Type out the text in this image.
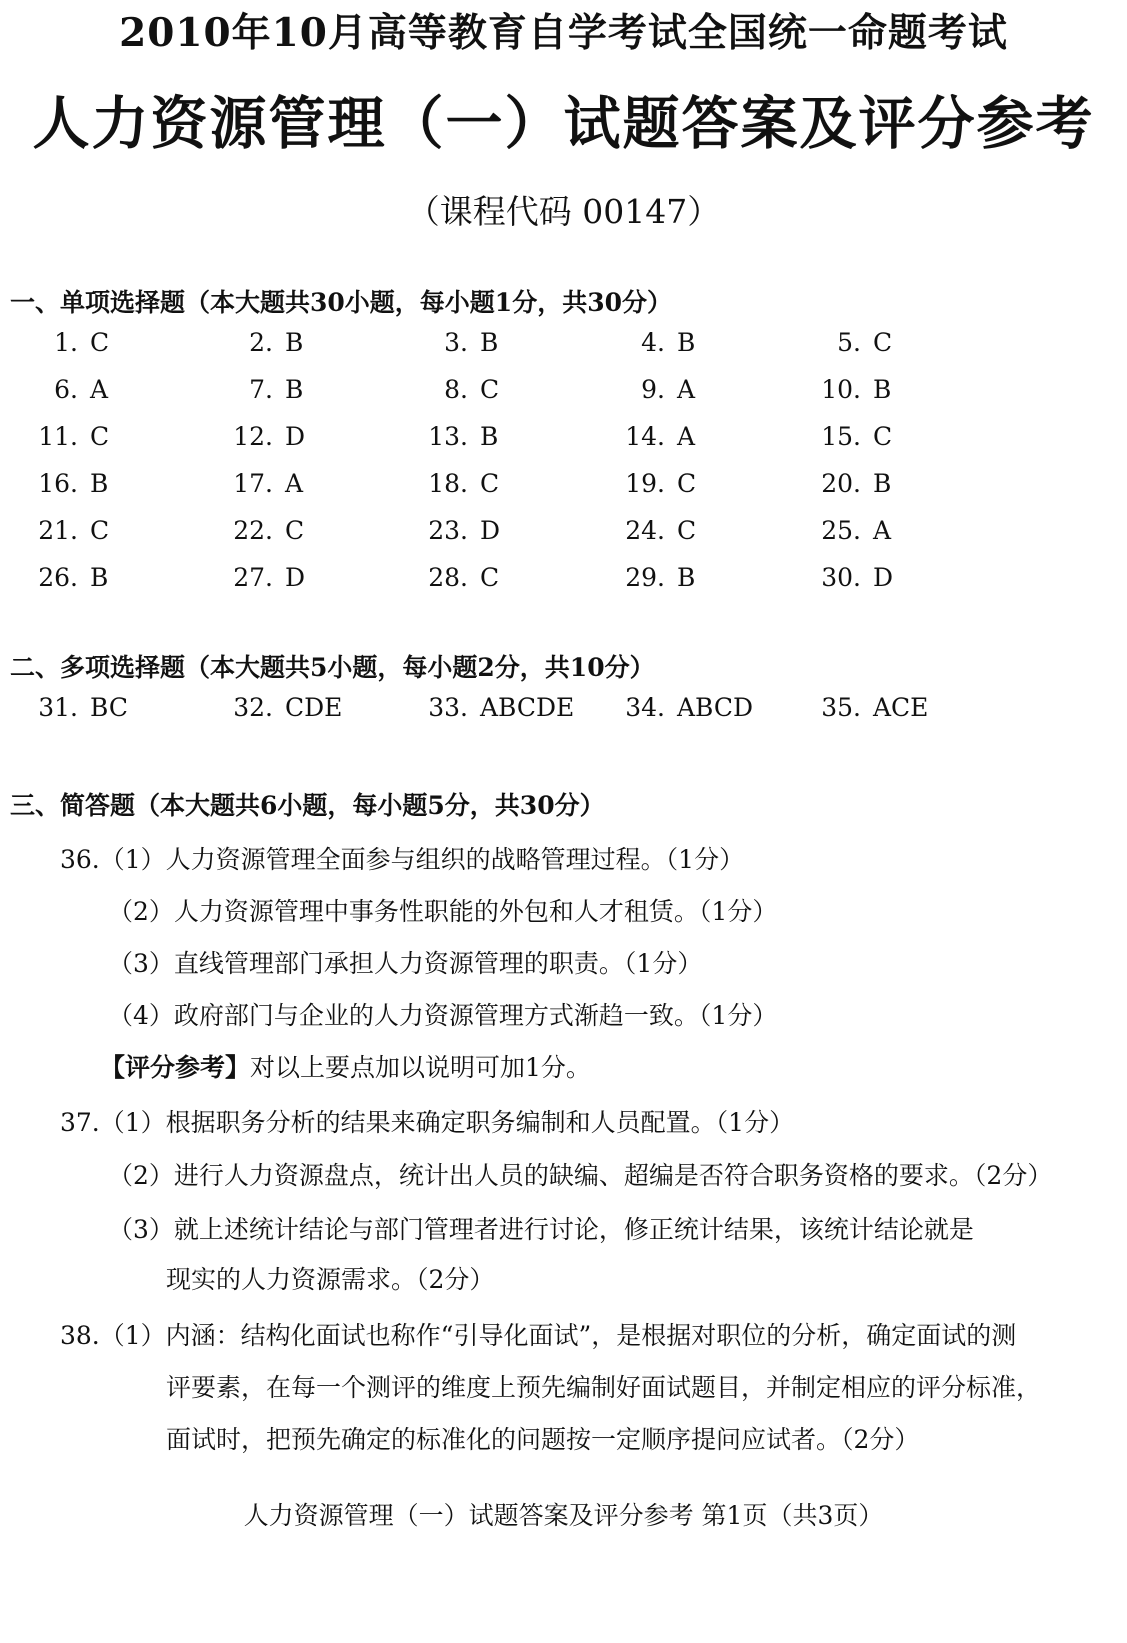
2010年10月高等教育自学考试全国统一命题考试
人力资源管理（一）试题答案及评分参考
（课程代码 00147）
一、单项选择题（本大题共30小题，每小题1分，共30分）
1. C	2. B	3. B	4. B	5. C
6. A	7. B	8. C	9. A	10. B
11. C	12. D	13. B	14. A	15. C
16. B	17. A	18. C	19. C	20. B
21. C	22. C	23. D	24. C	25. A
26. B	27. D	28. C	29. B	30. D
二、多项选择题（本大题共5小题，每小题2分，共10分）
31. BC	32. CDE	33. ABCDE	34. ABCD	35. ACE
三、简答题（本大题共6小题，每小题5分，共30分）
36.（1）人力资源管理全面参与组织的战略管理过程。（1分）
（2）人力资源管理中事务性职能的外包和人才租赁。（1分）
（3）直线管理部门承担人力资源管理的职责。（1分）
（4）政府部门与企业的人力资源管理方式渐趋一致。（1分）
【评分参考】对以上要点加以说明可加1分。
37.（1）根据职务分析的结果来确定职务编制和人员配置。（1分）
（2）进行人力资源盘点，统计出人员的缺编、超编是否符合职务资格的要求。（2分）
（3）就上述统计结论与部门管理者进行讨论，修正统计结果，该统计结论就是
现实的人力资源需求。（2分）
38.（1）内涵：结构化面试也称作“引导化面试”，是根据对职位的分析，确定面试的测
评要素，在每一个测评的维度上预先编制好面试题目，并制定相应的评分标准，
面试时，把预先确定的标准化的问题按一定顺序提问应试者。（2分）
人力资源管理（一）试题答案及评分参考 第1页（共3页）
